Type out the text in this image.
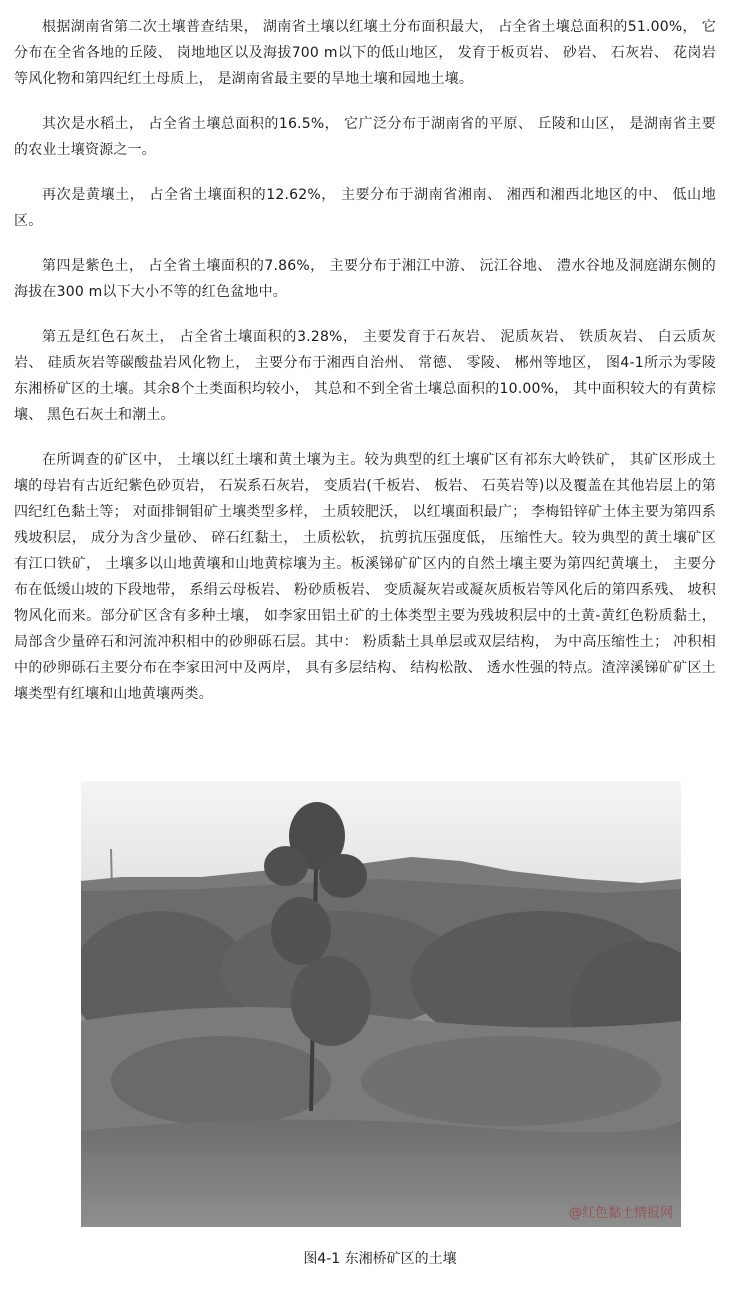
根据湖南省第二次土壤普查结果， 湖南省土壤以红壤土分布面积最大， 占全省土壤总面积的51.00%， 它分布在全省各地的丘陵、 岗地地区以及海拔700 m以下的低山地区， 发育于板页岩、 砂岩、 石灰岩、 花岗岩等风化物和第四纪红土母质上， 是湖南省最主要的旱地土壤和园地土壤。

其次是水稻土， 占全省土壤总面积的16.5%， 它广泛分布于湖南省的平原、 丘陵和山区， 是湖南省主要的农业土壤资源之一。

再次是黄壤土， 占全省土壤面积的12.62%， 主要分布于湖南省湘南、 湘西和湘西北地区的中、 低山地区。

第四是紫色土， 占全省土壤面积的7.86%， 主要分布于湘江中游、 沅江谷地、 澧水谷地及洞庭湖东侧的海拔在300 m以下大小不等的红色盆地中。

第五是红色石灰土， 占全省土壤面积的3.28%， 主要发育于石灰岩、 泥质灰岩、 铁质灰岩、 白云质灰岩、 硅质灰岩等碳酸盐岩风化物上， 主要分布于湘西自治州、 常德、 零陵、 郴州等地区， 图4-1所示为零陵东湘桥矿区的土壤。其余8个土类面积均较小， 其总和不到全省土壤总面积的10.00%， 其中面积较大的有黄棕壤、 黑色石灰土和潮土。

在所调查的矿区中， 土壤以红土壤和黄土壤为主。较为典型的红土壤矿区有祁东大岭铁矿， 其矿区形成土壤的母岩有古近纪紫色砂页岩， 石炭系石灰岩， 变质岩(千板岩、 板岩、 石英岩等)以及覆盖在其他岩层上的第四纪红色黏土等； 对面排铜钼矿土壤类型多样， 土质较肥沃， 以红壤面积最广； 李梅铅锌矿土体主要为第四系残坡积层， 成分为含少量砂、 碎石红黏土， 土质松软， 抗剪抗压强度低， 压缩性大。较为典型的黄土壤矿区有江口铁矿， 土壤多以山地黄壤和山地黄棕壤为主。板溪锑矿矿区内的自然土壤主要为第四纪黄壤土， 主要分布在低缓山坡的下段地带， 系绢云母板岩、 粉砂质板岩、 变质凝灰岩或凝灰质板岩等风化后的第四系残、 坡积物风化而来。部分矿区含有多种土壤， 如李家田铝土矿的土体类型主要为残坡积层中的土黄-黄红色粉质黏土， 局部含少量碎石和河流冲积相中的砂卵砾石层。其中： 粉质黏土具单层或双层结构， 为中高压缩性土； 冲积相中的砂卵砾石主要分布在李家田河中及两岸， 具有多层结构、 结构松散、 透水性强的特点。渣滓溪锑矿矿区土壤类型有红壤和山地黄壤两类。

@红色黏土情报网
图4-1 东湘桥矿区的土壤
